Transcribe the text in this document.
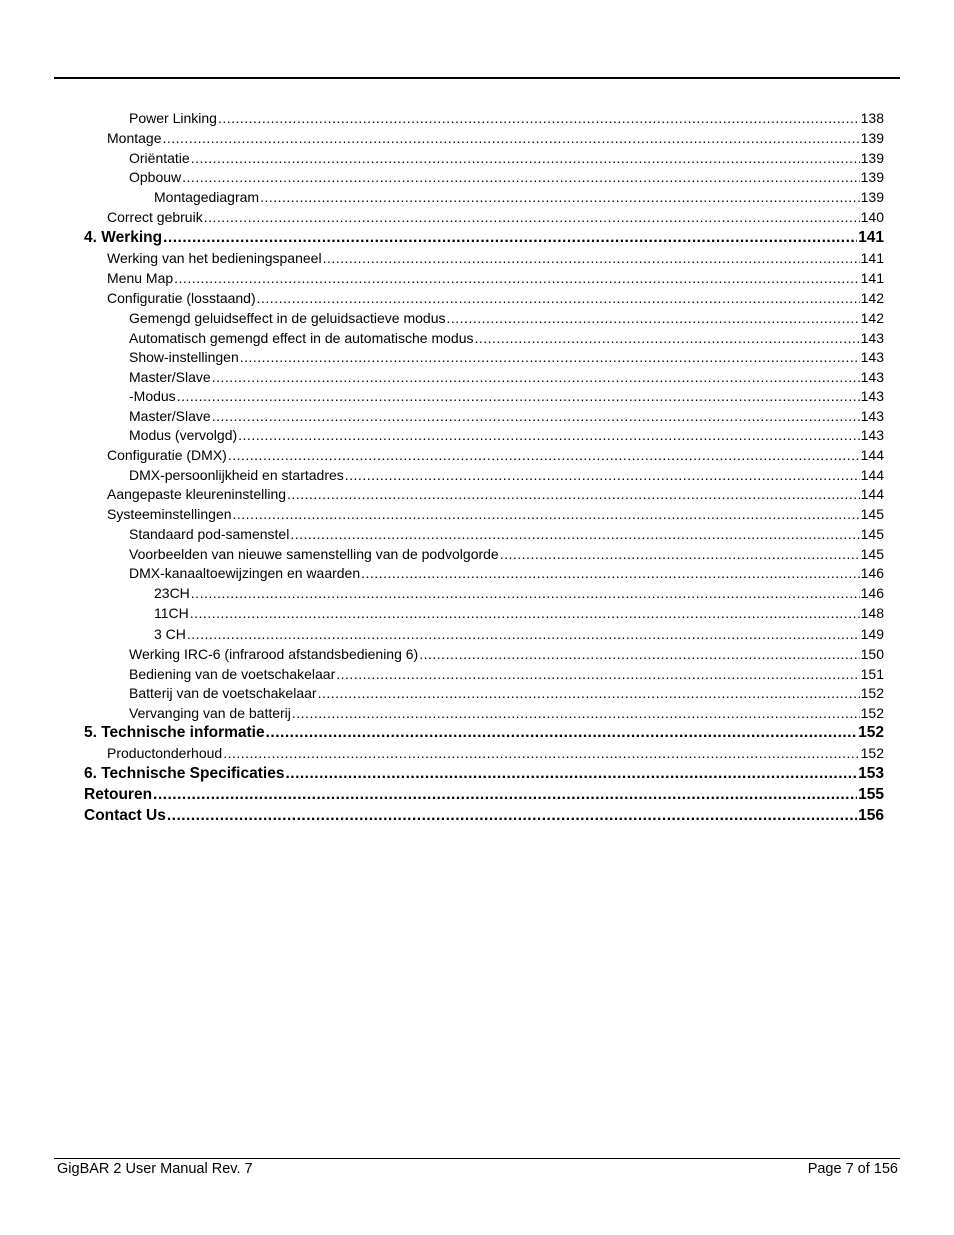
Power Linking .....	138
Montage .....	139
Oriëntatie .....	139
Opbouw .....	139
Montagediagram .....	139
Correct gebruik .....	140
4. Werking .....	141
Werking van het bedieningspaneel .....	141
Menu Map .....	141
Configuratie (losstaand) .....	142
Gemengd geluidseffect in de geluidsactieve modus .....	142
Automatisch gemengd effect in de automatische modus .....	143
Show-instellingen .....	143
Master/Slave .....	143
-Modus .....	143
Master/Slave .....	143
Modus (vervolgd) .....	143
Configuratie (DMX) .....	144
DMX-persoonlijkheid en startadres .....	144
Aangepaste kleureninstelling .....	144
Systeeminstellingen .....	145
Standaard pod-samenstel .....	145
Voorbeelden van nieuwe samenstelling van de podvolgorde .....	145
DMX-kanaaltoewijzingen en waarden .....	146
23CH .....	146
11CH .....	148
3 CH .....	149
Werking IRC-6 (infrarood afstandsbediening 6) .....	150
Bediening van de voetschakelaar .....	151
Batterij van de voetschakelaar .....	152
Vervanging van de batterij .....	152
5. Technische informatie .....	152
Productonderhoud .....	152
6. Technische Specificaties .....	153
Retouren .....	155
Contact Us .....	156
GigBAR 2 User Manual Rev. 7	Page 7 of 156
